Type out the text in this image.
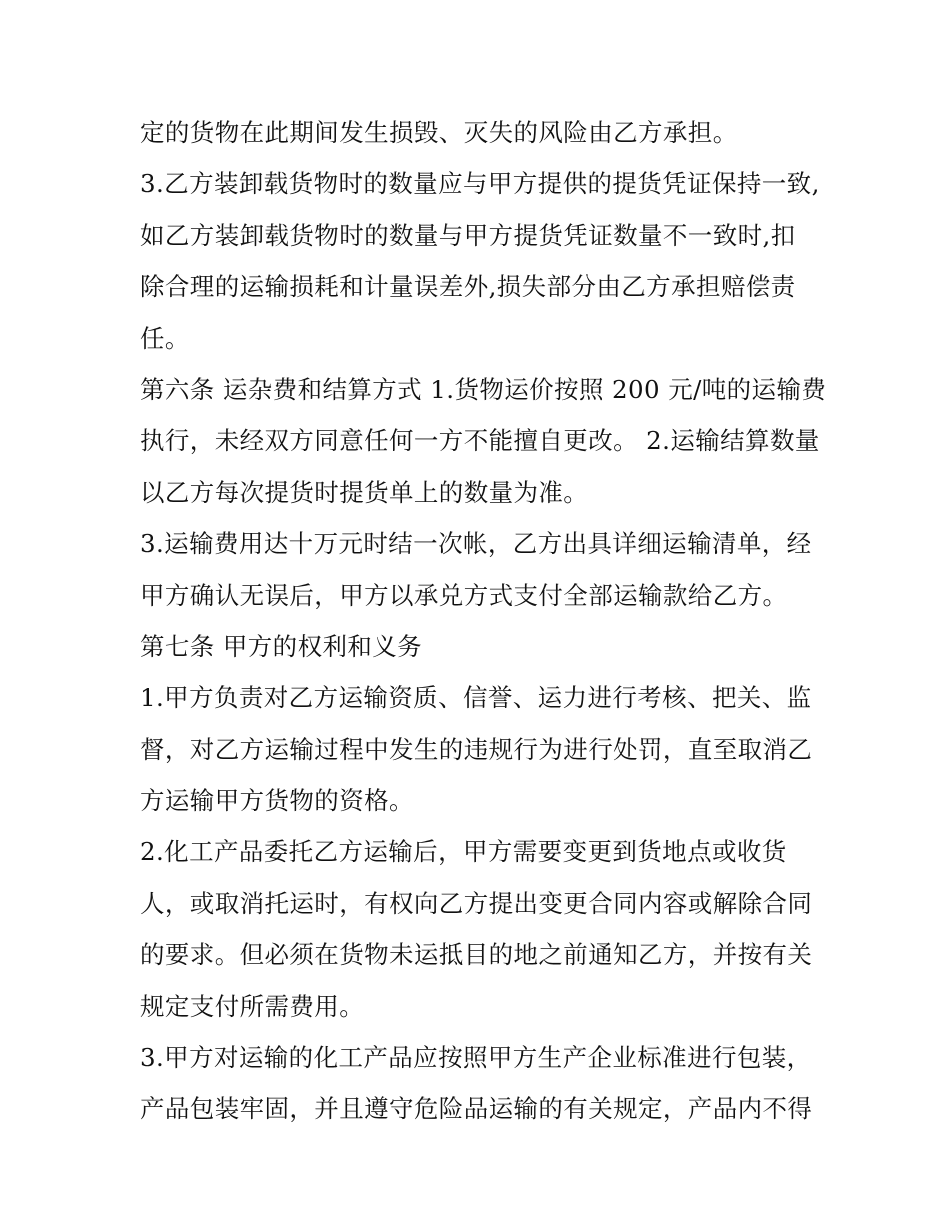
定的货物在此期间发生损毁、灭失的风险由乙方承担。
3.乙方装卸载货物时的数量应与甲方提供的提货凭证保持一致,
如乙方装卸载货物时的数量与甲方提货凭证数量不一致时,扣
除合理的运输损耗和计量误差外,损失部分由乙方承担赔偿责
任。
第六条 运杂费和结算方式 1.货物运价按照 200 元/吨的运输费
执行，未经双方同意任何一方不能擅自更改。 2.运输结算数量
以乙方每次提货时提货单上的数量为准。
3.运输费用达十万元时结一次帐，乙方出具详细运输清单，经
甲方确认无误后，甲方以承兑方式支付全部运输款给乙方。
第七条 甲方的权利和义务
1.甲方负责对乙方运输资质、信誉、运力进行考核、把关、监
督，对乙方运输过程中发生的违规行为进行处罚，直至取消乙
方运输甲方货物的资格。
2.化工产品委托乙方运输后，甲方需要变更到货地点或收货
人，或取消托运时，有权向乙方提出变更合同内容或解除合同
的要求。但必须在货物未运抵目的地之前通知乙方，并按有关
规定支付所需费用。
3.甲方对运输的化工产品应按照甲方生产企业标准进行包装，
产品包装牢固，并且遵守危险品运输的有关规定，产品内不得
